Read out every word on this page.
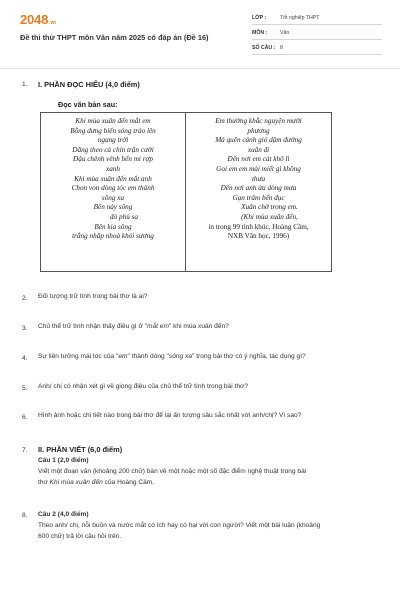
2048.vn
Đề thi thử THPT môn Văn năm 2025 có đáp án (Đề 16)
LỚP :	Tốt nghiệp THPT
MÔN :	Văn
SỐ CÂU : 8
1. I. PHẦN ĐỌC HIỂU (4,0 điểm)
Đọc văn bản sau:
Khi mùa xuân đến mắt em
Bỗng dưng biển sóng trào lên
ngang trời
Dăng theo cả chín trận cười
Đậu chênh vênh bến mi rợp
xanh
Khi mùa xuân đến mắt anh
Chon von dòng tóc em thành
sông xa
Bên này sông
đỏ phù sa
Bên kia sông
trắng nhập nhoà khói sương
Em thường khắc nguyện mười
phương
Mà quên cánh gió dặm đường
xuân đi
Đến nơi em cát khô lì
Gọi em em mải miết gì không
thưa
Đến nơi anh ửa dòng mưa
Gạn trăm bến đục
Xuân chờ trong em.
(Khi mùa xuân đến,
in trong 99 tình khúc, Hoàng Cầm,
NXB Văn học, 1996)
2. Đối tượng trữ tình trong bài thơ là ai?
3. Chủ thể trữ tình nhận thấy điều gì ở "mắt em" khi mùa xuân đến?
4. Sự liên tưởng mái tóc của "em" thành dòng "sông xa" trong bài thơ có ý nghĩa, tác dụng gì?
5. Anh/ chị có nhận xét gì về giọng điệu của chủ thể trữ tình trong bài thơ?
6. Hình ảnh hoặc chi tiết nào trong bài thơ để lại ấn tượng sâu sắc nhất với anh/chị? Vì sao?
7. II. PHẦN VIẾT (6,0 điểm)
Câu 1 (2,0 điểm)
Viết một đoạn văn (khoảng 200 chữ) bàn về một hoặc một số đặc điểm nghệ thuật trong bài
thơ Khi mùa xuân đến của Hoàng Cầm.
8. Câu 2 (4,0 điểm)
Theo anh/ chị, nỗi buồn và nước mắt có ích hay có hại với con người? Viết một bài luận (khoảng
600 chữ) trả lời câu hỏi trên.
